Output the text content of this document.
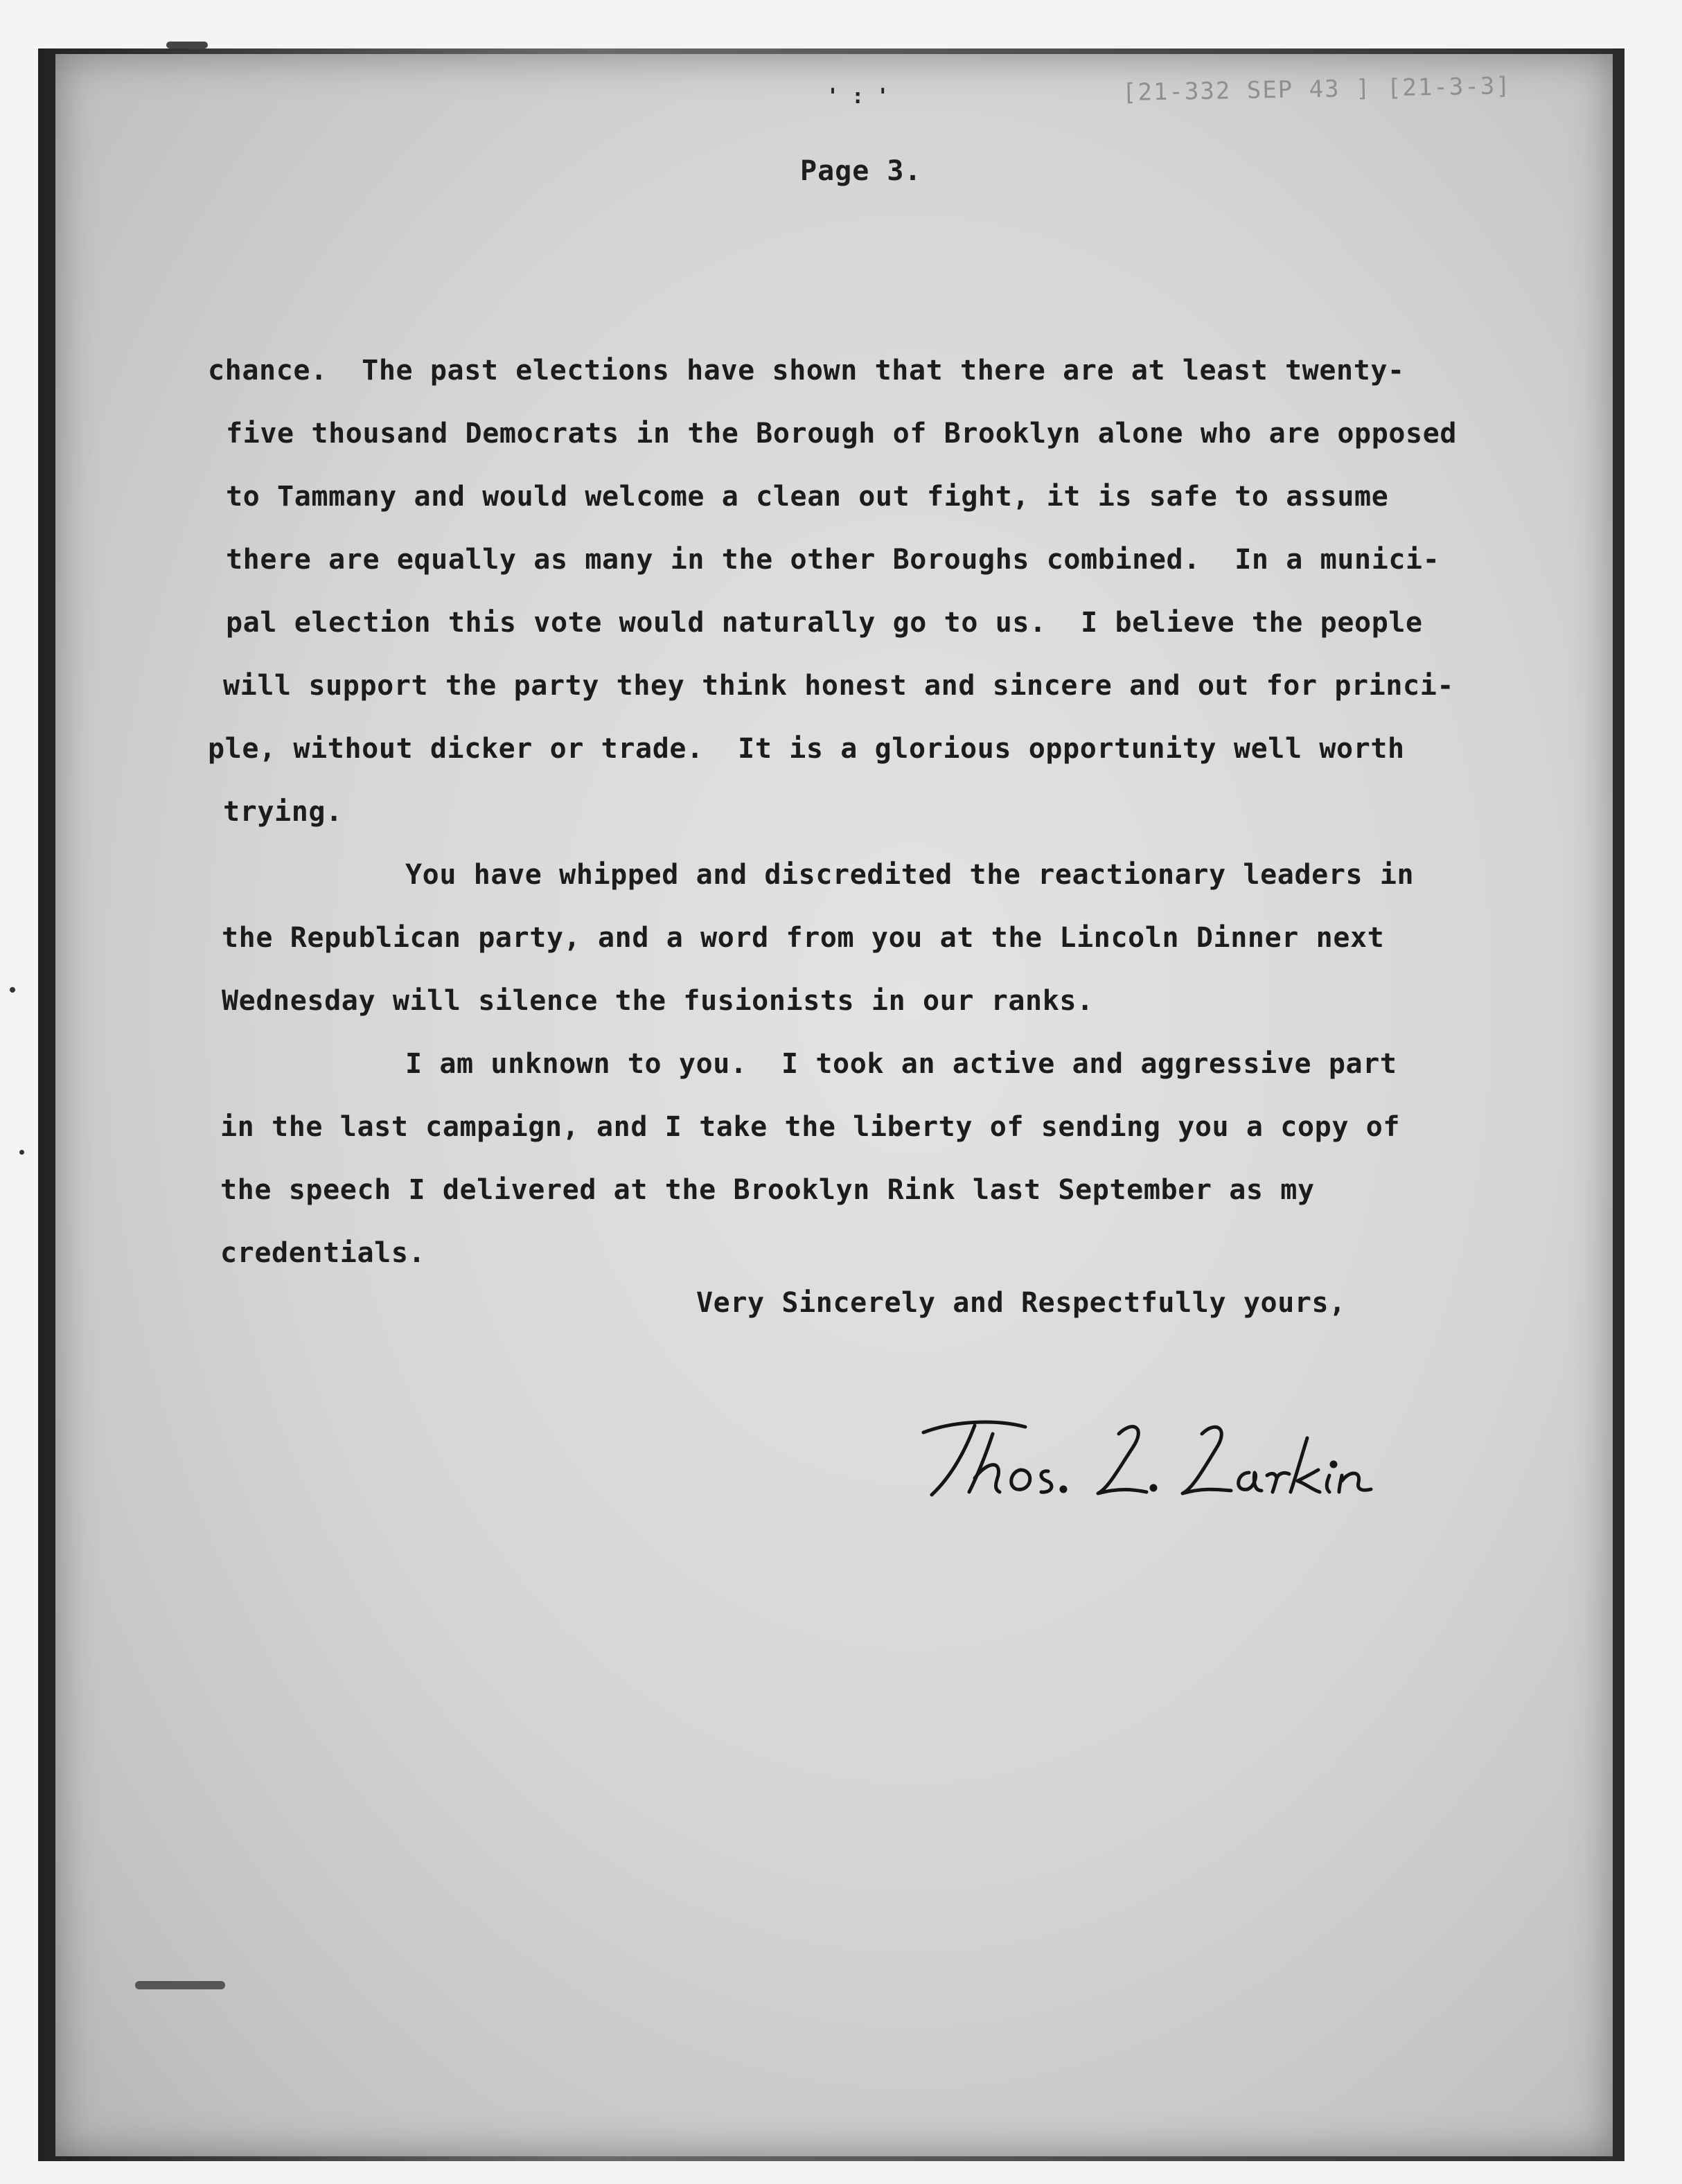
[21-332 SEP 43 ] [21-3-3]
' : '
Page 3.
chance.  The past elections have shown that there are at least twenty-
five thousand Democrats in the Borough of Brooklyn alone who are opposed
to Tammany and would welcome a clean out fight, it is safe to assume
there are equally as many in the other Boroughs combined.  In a munici-
pal election this vote would naturally go to us.  I believe the people
will support the party they think honest and sincere and out for princi-
ple, without dicker or trade.  It is a glorious opportunity well worth
trying.
You have whipped and discredited the reactionary leaders in
the Republican party, and a word from you at the Lincoln Dinner next
Wednesday will silence the fusionists in our ranks.
I am unknown to you.  I took an active and aggressive part
in the last campaign, and I take the liberty of sending you a copy of
the speech I delivered at the Brooklyn Rink last September as my
credentials.
Very Sincerely and Respectfully yours,
